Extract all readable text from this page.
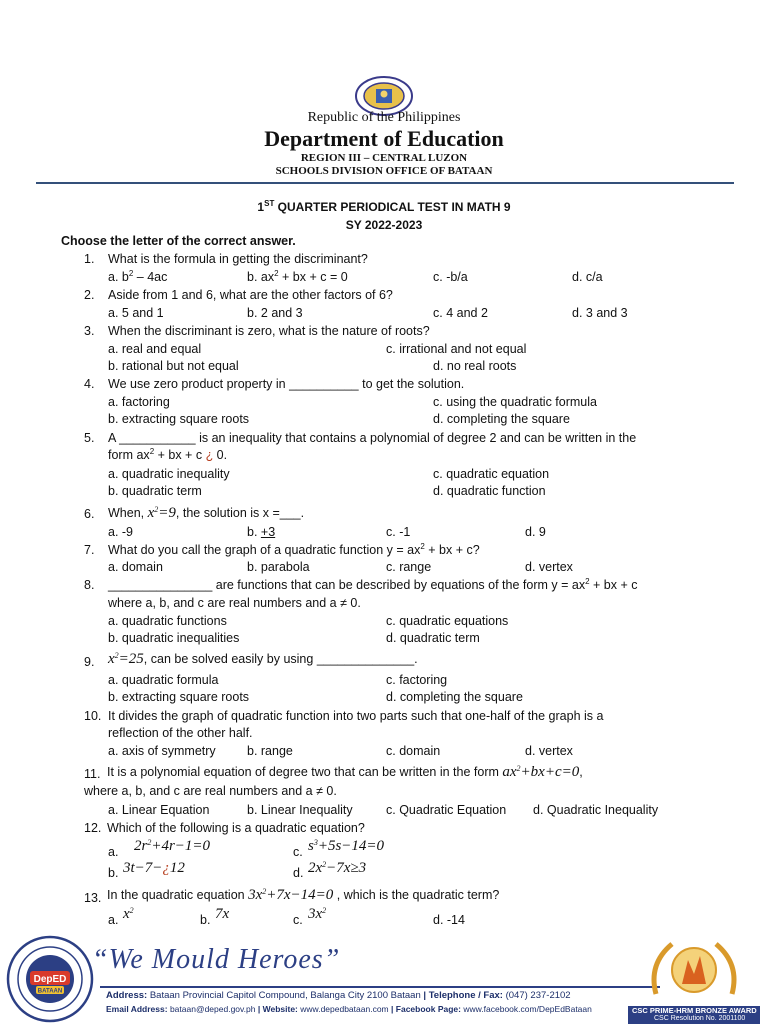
Republic of the Philippines
Department of Education
REGION III – CENTRAL LUZON
SCHOOLS DIVISION OFFICE OF BATAAN
1ST QUARTER PERIODICAL TEST IN MATH 9
SY 2022-2023
Choose the letter of the correct answer.
1. What is the formula in getting the discriminant?
a. $b^2 - 4ac$	b. $ax^2$ + bx + c = 0	c. -b/a	d. c/a
2. Aside from 1 and 6, what are the other factors of 6?
a. 5 and 1	b. 2 and 3	c. 4 and 2	d. 3 and 3
3. When the discriminant is zero, what is the nature of roots?
a. real and equal
b. rational but not equal
c. irrational and not equal
d. no real roots
4. We use zero product property in __________ to get the solution.
a. factoring
b. extracting square roots
c. using the quadratic formula
d. completing the square
5. A ___________ is an inequality that contains a polynomial of degree 2 and can be written in the
form $ax^2$ + bx + c ¿ 0.
a. quadratic inequality
b. quadratic term
c. quadratic equation
d. quadratic function
6. When, $x^2=9$, the solution is x =___.
a. -9	b. +3	c. -1	d. 9
7. What do you call the graph of a quadratic function $y = ax^2$ + bx + c?
a. domain	b. parabola	c. range	d. vertex
8. _______________ are functions that can be described by equations of the form $y = ax^2$ + bx + c
where a, b, and c are real numbers and a ≠ 0.
a. quadratic functions
b. quadratic inequalities
c. quadratic equations
d. quadratic term
9. $x^2=25$, can be solved easily by using ______________.
a. quadratic formula
b. extracting square roots
c. factoring
d. completing the square
10. It divides the graph of quadratic function into two parts such that one-half of the graph is a
reflection of the other half.
a. axis of symmetry	b. range	c. domain	d. vertex
11. It is a polynomial equation of degree two that can be written in the form $ax^2+bx+c=0$,
where a, b, and c are real numbers and a ≠ 0.
a. Linear Equation	b. Linear Inequality	c. Quadratic Equation d. Quadratic Inequality
12. Which of the following is a quadratic equation?
a. $2r^2+4r-1=0$	c. $s^3+5s-14=0$
b. 3t−7−¿12	d. $2x^2-7x\ge 3$
13. In the quadratic equation $3x^2+7x-14=0$ , which is the quadratic term?
a. $x^2$
b. 7x	c. $3x^2$
d. -14
DepED
BATAAN
“We Mould Heroes”
Address: Bataan Provincial Capitol Compound, Balanga City 2100 Bataan | Telephone / Fax: (047) 237-2102
Email Address: bataan@deped.gov.ph | Website: www.depedbataan.com | Facebook Page: www.facebook.com/DepEdBataan	CSC PRIME-HRM BRONZE AWARD
CSC Resolution No. 2001100
